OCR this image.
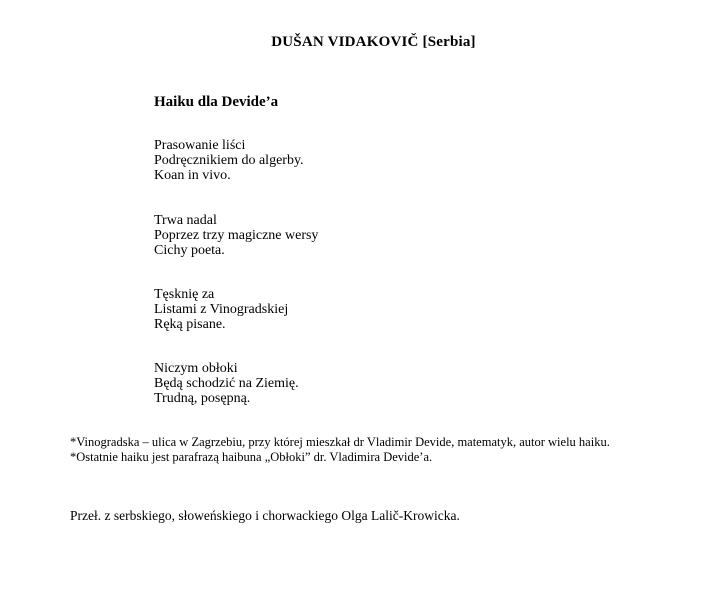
DUŠAN VIDAKOVIČ [Serbia]
Haiku dla Devide’a
Prasowanie liści
Podręcznikiem do algerby.
Koan in vivo.
Trwa nadal
Poprzez trzy magiczne wersy
Cichy poeta.
Tęsknię za
Listami z Vinogradskiej
Ręką pisane.
Niczym obłoki
Będą schodzić na Ziemię.
Trudną, posępną.
*Vinogradska – ulica w Zagrzebiu, przy której mieszkał dr Vladimir Devide, matematyk, autor wielu haiku.
*Ostatnie haiku jest parafrazą haibuna „Obłoki” dr. Vladimira Devide’a.
Przeł. z serbskiego, słoweńskiego i chorwackiego Olga Lalič-Krowicka.
